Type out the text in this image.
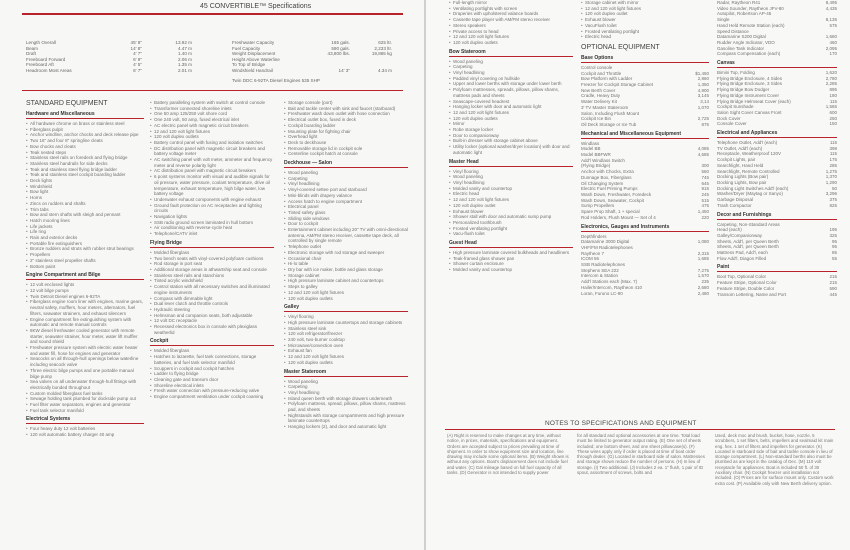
45 CONVERTIBLE™ Specifications
Length Overall	45' 8"	13.92 m
Beam	14' 8"	4.47 m
Draft	4' 7"	1.40 m
Freeboard Forward	6' 9"	2.06 m
Freeboard Aft	4' 5"	1.35 m
Headroom Most Areas	6' 7"	2.01 m
Freshwater Capacity	165 gals.	625 ltr.
Fuel Capacity	590 gals.	2,233 ltr.
Weight Displacement	43,800 lbs.	19,865 kg
Height Above Waterline
To Top of Bridge
Windshield Handrail	14' 3"	4.34 m
Twin DDC 6-92TA Diesel Engines 535 SHP
STANDARD EQUIPMENT
Hardware and Miscellaneous
• All hardware chrome on brass or stainless steel
• Fiberglass pulpit
• Anchor windline, anchor chocks and deck release pipe
• Two 16" and four 8" springline cleats
• Bow chocks and cleats
• Teak nested steps
• Stainless steel rails on foredeck and flying bridge
• Stainless steel handrails for side decks
• Teak and stainless steel flying bridge ladder
• Teak and stainless steel cockpit boarding ladder
• Deck lights
• Windshield
• Bow light
• Horns
• Zincs on rudders and shafts
• Trim tabs
• Bow and stern shafts with sleigh and pennant
• Hatch mooring lines
• Life jackets
• Life ring
• Rain and exterior decks
• Portable fire extinguishers
• Bronze rudders and struts with rubber strut bearings
• Propellers
• 2" stainless steel propeller shafts
• Bottom paint
Engine Compartment and Bilge
• 12 volt enclosed lights
• 12 volt bilge pumps
• Twin Detroit Diesel engines 6-92TA
• Fiberglass engine room liner with engines, marine gears, neutral safety, mufflers, hour meters, alternators, fuel filters, seawater strainers, and exhaust silencers
• Engine compartment fire extinguishing system with automatic and remote manual controls
• 8KW diesel freshwater cooled generator with remote starter, seawater strainer, hour meter, water lift muffler and sound shield
• Freshwater pressure system with electric water heater and water fill, hose for engines and generator
• Seacocks on all through-hull openings below waterline including seacock valve
• Three electric bilge pumps and one portable manual bilge pump
• Sea valves on all underwater through-hull fittings with electrically bonded throughout
• Custom molded fiberglass fuel tanks
• Sewage holding tank plumbed for dockside pump out
• Fuel filter water separators, engines and generator
• Fuel tank selector manifold
Electrical Systems
• Four heavy duty 12 volt batteries
• 120 volt automatic battery charger 40 amp
• Battery paralleling system with switch at control console
• Transformer connected shoreline inlets
• One 50 amp 125/250 volt shore cord
• One 240 volt, 50 amp, fused electrical inlet
• AC electric panel with magnetic circuit breakers
• 12 and 120 volt light fixtures
• 120 volt duplex outlets
• Battery control panel with fusing and isolation switches
• DC distribution panel with magnetic circuit breakers and battery voltage meter
• AC switching panel with volt meter, ammeter and frequency meter and reverse polarity light
• AC distribution panel with magnetic circuit breakers
• 6 point systems monitor with visual and audible signals for oil pressure, water pressure, coolant temperature, drive oil temperature, exhaust temperature, high bilge water, low battery voltage
• Underwater exhaust components with engine exhaust
• Ground fault protection on AC receptacles and lighting circuits
• Navigation lights
• SSB radio ground screen laminated in hull bottom
• Air conditioning with reverse-cycle heat
• Telephone/CATV inlet
Flying Bridge
• Molded fiberglass
• Two bench seats with vinyl-covered polyfoam cushions
• Rod storage in port seat
• Additional storage areas in athwartship seat and console
• Stainless steel rails and stanchions
• Tinted acrylic windshield
• Control station with all necessary switches and illuminated engine instruments
• Compass with dimmable light
• Dual lever clutch and throttle controls
• Hydraulic steering
• Helmsman and companion seats, both adjustable
• 12 volt DC receptacle
• Recessed electronics box in console with plexiglass weatherlid
Cockpit
• Molded fiberglass
• Hatches to lazarette, fuel tank connections, storage batteries, and fuel tank selector manifold
• Scuppers in cockpit and cockpit hatches
• Ladder to flying bridge
• Cleaning gate and transom door
• Shoreline electrical inlets
• Fresh water connection with pressure-reducing valve
• Engine compartment ventilation under cockpit coaming
• Storage console (port)
• Bait and tackle center with sink and faucet (starboard)
• Freshwater wash down outlet with hose connection
• Electrical outlet box, fused in deck
• Cockpit boarding ladder
• Mounting plate for fighting chair
• Overhead light
• Deck to deckhouse
• Removable storage lid in cockpit sole
• Centerline cockpit hatch at console
Deckhouse — Salon
• Wood paneling
• Carpeting
• Vinyl headlining
• Vinyl-covered settee port and starboard
• Mini-blinds with drapery valance
• Access hatch to engine compartment
• Electrical panel
• Tinted safety glass
• Sliding side windows
• Door to cockpit
• Entertainment cabinet including 20" TV with omni-directional antenna, AM/FM stereo receiver, cassette tape deck, all controlled by single remote
• Telephone outlet
• Electronic storage with rod storage and sweeper
• Occasional chair
• Hi-lo table
• Dry bar with ice maker, bottle and glass storage
• Storage cabinet
• High pressure laminate cabinet and countertops
• Steps to galley
• 12 and 120 volt light fixtures
• 120 volt duplex outlets
Galley
• Vinyl flooring
• High pressure laminate countertops and storage cabinets
• Stainless steel sink
• 120 volt refrigerator/freezer
• 240 volt, two-burner cooktop
• Microwave/convection oven
• Exhaust fan
• 12 and 120 volt light fixtures
• 120 volt duplex outlets
Master Stateroom
• Wood paneling
• Carpeting
• Vinyl headlining
• Island queen berth with storage drawers underneath
• Polyfoam mattress, spread, pillows, pillow shams, mattress pad, and sheets
• Nightstands with storage compartments and high pressure laminate countertops
• Hanging lockers (2), and door and automatic light
• Full-length mirror
• Ventilating portlights with screen
• Draperies with upholstered valance boards
• Cassette tape player with AM/FM stereo receiver
• Stereo speakers
• Private access to head
• 12 and 120 volt light fixtures
• 120 volt duplex outlets
Bow Stateroom
• Wood paneling
• Carpeting
• Vinyl headlining
• Padded vinyl covering on hullside
• Upper and lower berths with storage under lower berth
• Polyfoam mattresses, spreads, pillows, pillow shams, mattress pads and sheets
• Seascape-covered headrest
• Hanging locker with door and automatic light
• 12 and 120 volt light fixtures
• 120 volt duplex outlets
• Mirror
• Robe storage locker
• Door to companionway
• Built-in dresser with storage cabinet above
• Utility locker (optional washer/dryer location) with door and automatic light
Master Head
• Vinyl flooring
• Wood paneling
• Vinyl headlining
• Molded vanity and countertop
• Electric head
• 12 and 120 volt light fixtures
• 120 volt duplex outlet
• Exhaust blower
• Shower stall with door and automatic sump pump
• Personalized toothbrush
• Frosted ventilating portlight
• Vacu-flush toilet
Guest Head
• High pressure laminate covered bulkheads and headliners
• Teak-framed glass shower pan
• Shower curtain enclosure
• Molded vanity and countertop
• Storage cabinet with mirror
• 12 and 120 volt light fixtures
• 120 volt duplex outlet
• Exhaust blower
• VacuFlush toilet
• Frosted ventilating portlight
• Electric head
OPTIONAL EQUIPMENT
Base Options
Control console
Cockpit and Throttle	$1,450
Bow Platform with Ladder	2,860
Freezer for Cockpit Storage Cabinet	1,350
New Berth Cover	4,900
Cradle, Heavy Duty	3,145
Water Delivery Kit	3,14
3' TV Master Stateroom	1,070
Salon, Including Flush Mount
Cockpit Ice Bin	2,725
Oil Deck Storage or Ice Tub	875
Mechanical and Miscellaneous Equipment
Windlass
Model BB	4,085
Model BBFWR	4,685
Add'l Windlass Switch
(Flying Bridge)	300
Anchor with Chocks, Extra	560
Dunnage Box, Fiberglass	745
Oil Changing System	645
Electric Fuel Priming Pumps	915
Wash Down, Freshwater, Foredeck	245
Wash Down, Seawater, Cockpit	515
Sump Propellers	475
Spare Prop Shaft, 1 + special	1,450
Rod Holders, Flush Mount — Set of 4	220
Electronics, Gauges and Instruments
Depthfinders
Datamarine 3000 Digital	1,080
VHF/FM Radiotelephones
Raytheon 7	2,315
ICOM 56	1,685
SSB Radiotelephones
Stephens SEA 222	7,275
Intercom & Station	1,570
Add'l Stations each (Max. 7)	235
Hailer/Intercom, Raytheon 410	2,680
Loran, Furuno LC-90	2,480
Radar, Raytheon R41	8,495
Video Sounder, Raytheon JFV-80	4,435
Autopilot, Robertson AP-45
Single	8,135
Hand Held Remote Station (each)	575
Speed Distance
Datamarine S200 Digital	1,660
Rudder Angle Indicator, VDO	460
Gasoline Tank Indicator	2,095
Compass Compensation (each)	170
Canvas
Bimini Top, Folding	1,620
Flying Bridge Enclosure, 4 Sides	2,780
Flying Bridge Enclosure, 3 Sides	2,285
Flying Bridge Bow Dodger	895
Flying Bridge Instrument Cover	180
Flying Bridge Helmseat Cover (each)	115
Cockpit Sunshade	1,565
Salon Sight Cover Canvas Front	600
Dock Cover	250
Console Cover	150
Electrical and Appliances
Telephone Outlet, Add'l (each)	115
TV Outlet, Add'l (each)	398
Receptacle, Weatherproof 120V	115
Cockpit Lights, pair	175
Searchlight, Hand Held	285
Searchlight, Remote Controlled	1,275
Docking Lights (Bow pair)	1,370
Docking Lights, Bow pair	1,290
Docking Light Switches Add'l (each)	50
Washer/Dryer (Maytag or Sanyo)	3,296
Garbage Disposal	375
Trash Compactor	825
Decor and Furnishings
Carpeting, Non-Standard Areas
Head (each)	195
Galley/Companionway	325
Sheets, Add'l, per Queen Berth	95
Sheets, Add'l, per Queen Berth	95
Mattress Pad, Add'l, each	85
Flow Add'l, Diagon Filled	55
Paint
Boot Top, Optional Color	215
Feature Stripe, Optional Color	215
Feature Stripe, Double Color	590
Transom Lettering, Name and Port	445
NOTES TO SPECIFICATIONS AND EQUIPMENT

(A) Right is reserved to make changes at any time, without notice, in prices, materials, specifications and equipment. Orders are accepted subject to prices prevailing at time of shipment. In order to show equipment size and location, line drawing may include some optional items. (B) Weight shown is without any options. Boat's displacement does not include fuel and water. (C) Gal mileage based on full fuel capacity of all tanks. (D) Generator is not intended to supply power

for all standard and optional accessories at one time. Total load must be limited to generator output rating. (E) One set of sheets included; one bottom sheet, and one sheet pillowcase(s). (F) These wires apply only if order is placed at time of boat order through dealer. (G) Located in starboard side of salon. Mattresses and storage shown reduce the number of persons. (H) In lieu of storage. (I) Two additional. (J) Includes 2 ea. 1" flush, 1 pair of ID spout, assortment of screws, bolts and

Used, deck moc and brush, bucket, hose, nozzle, 5 scrubbers, 1 set filters, belts, impellers and sealmaid kit main eng. hex. 1 set of filters and impellers for generator. (K) Located in starboard side of bait and tackle console in lieu of storage compartment. (L) Non-standard berths also must be plumbed as are kept in the catalog of Dec. (M) 110 volt receptacle for appliances. Boat is included 50 ft. of 30 Auxiliary chair. (N) Cockpit freezer unit installation not included. (O) Prices are for surface mount only. Custom work extra cost. (P) Available only with New Berth delivery option.
